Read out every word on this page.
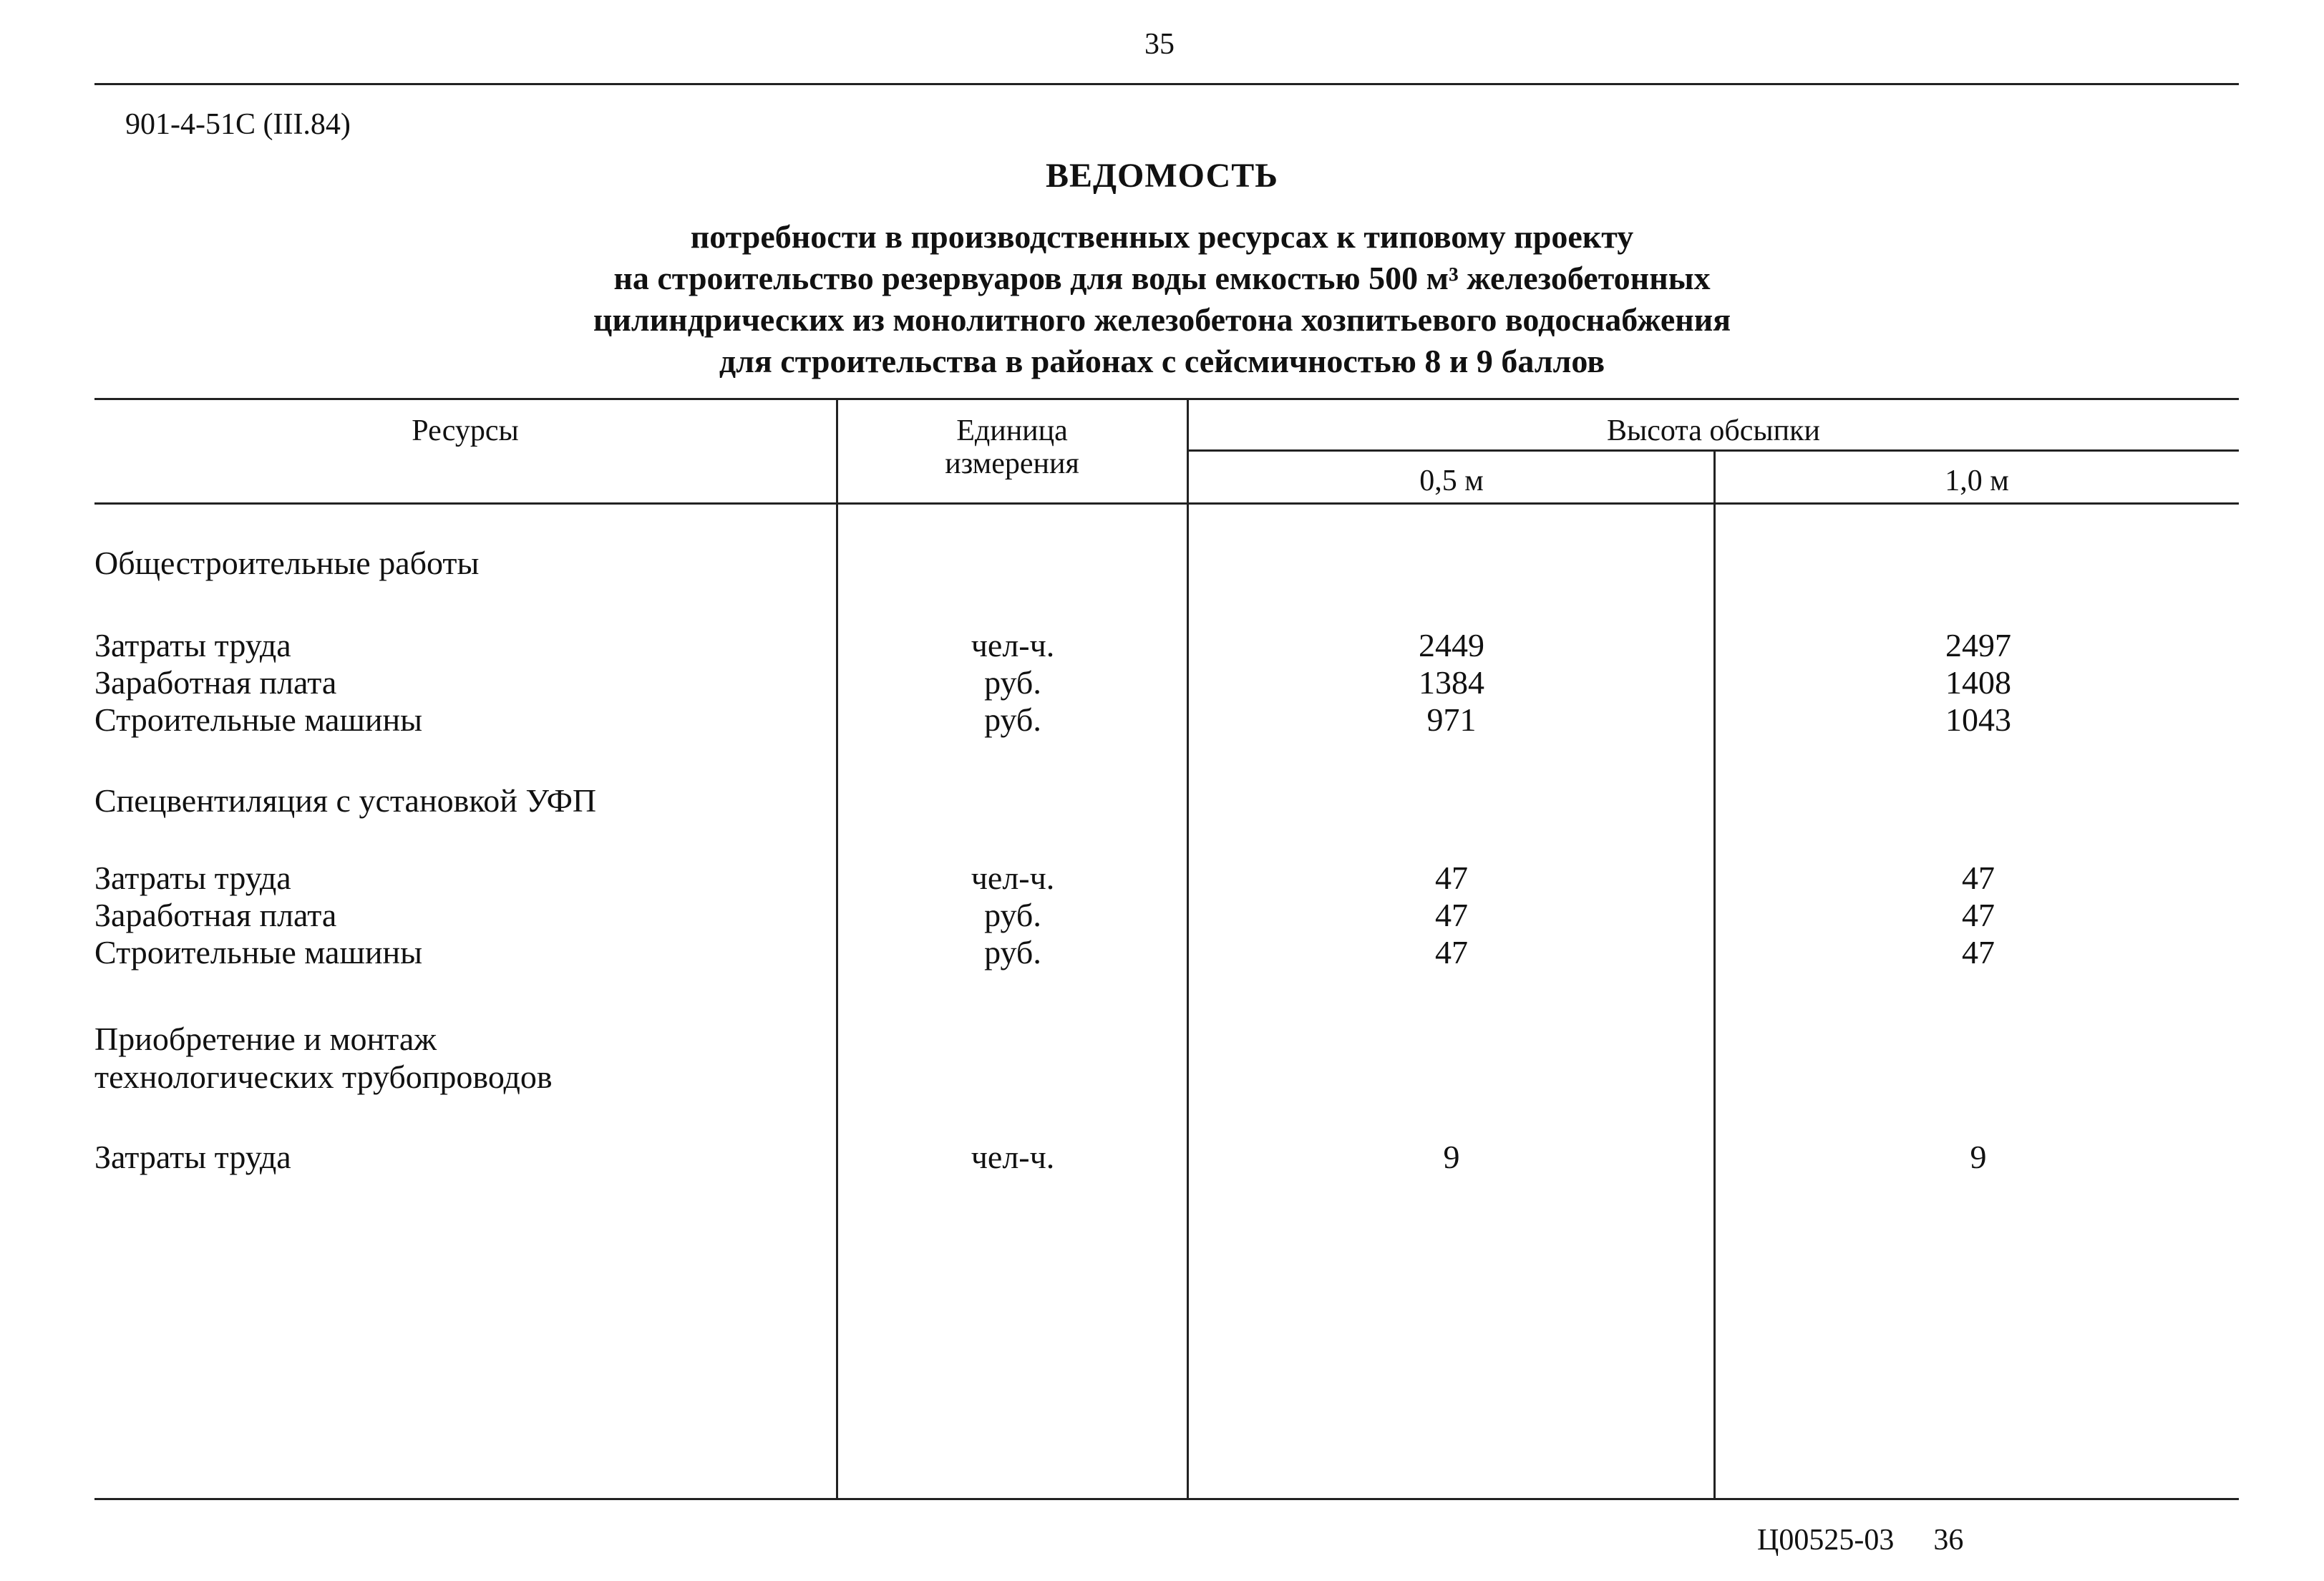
35
901-4-51С (III.84)
ВЕДОМОСТЬ
потребности в производственных ресурсах к типовому проекту
на строительство резервуаров для воды емкостью 500 м³ железобетонных
цилиндрических из монолитного железобетона хозпитьевого водоснабжения
для строительства в районах с сейсмичностью 8 и 9 баллов
Ресурсы	Единица
измерения
Высота обсыпки
0,5 м	1,0 м
Общестроительные работы
Затраты труда	чел-ч.	2449	2497
Заработная плата	руб.	1384	1408
Строительные машины	руб.	971	1043
Спецвентиляция с установкой УФП
Затраты труда	чел-ч.	47	47
Заработная плата	руб.	47	47
Строительные машины	руб.	47	47
Приобретение и монтаж
технологических трубопроводов
Затраты труда	чел-ч.	9	9
Ц00525-03 36
